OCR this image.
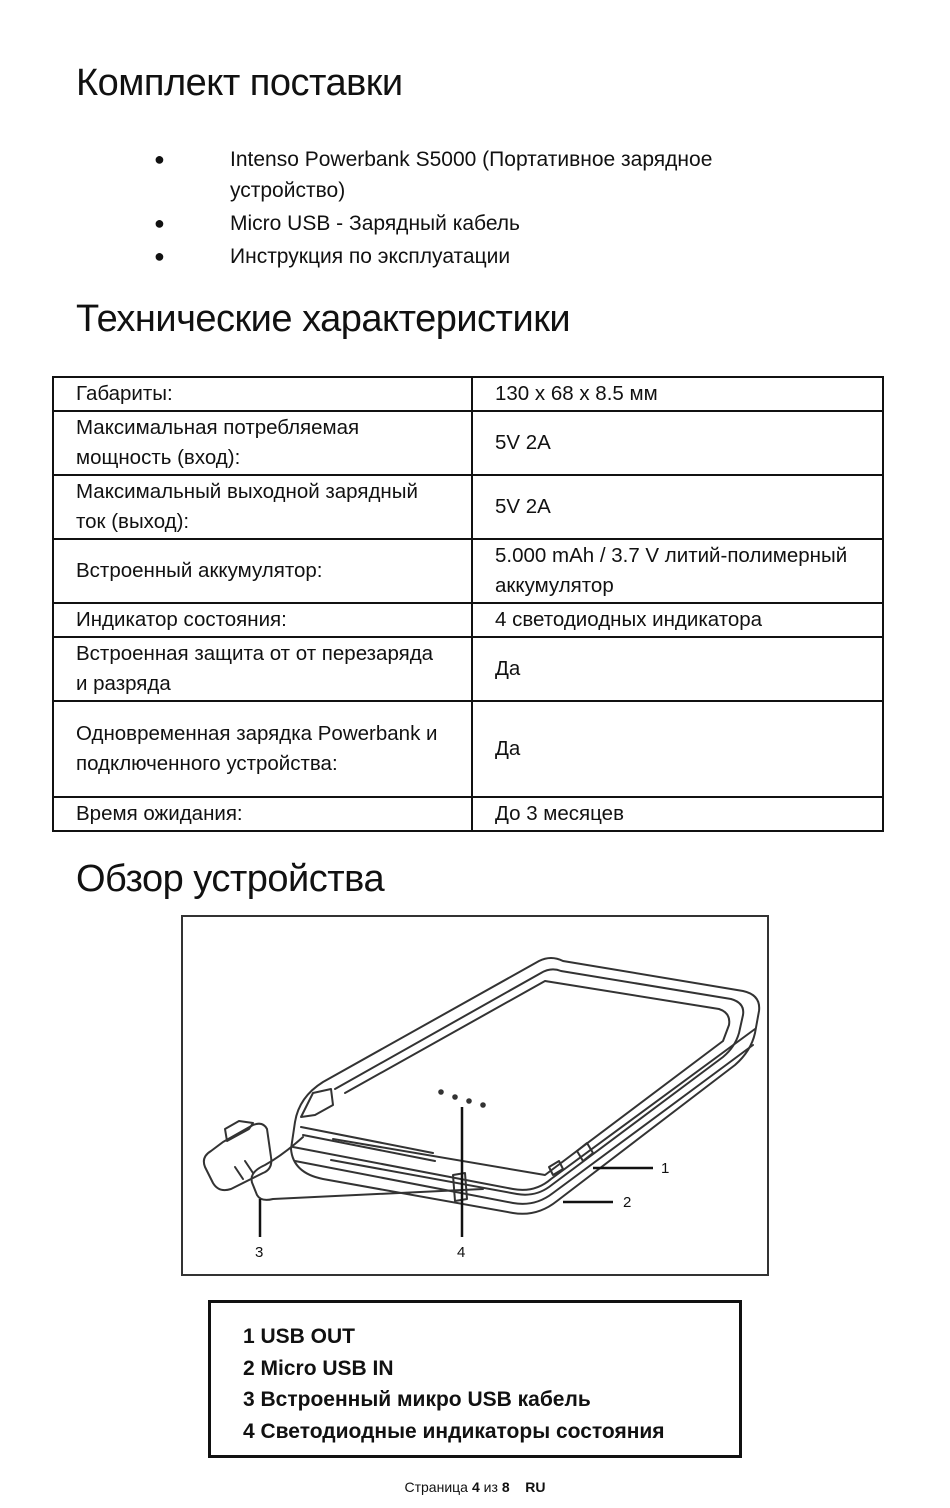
Комплект поставки
●	Intenso Powerbank S5000 (Портативное зарядное устройство)
●	Micro USB - Зарядный кабель
●	Инструкция по эксплуатации
Технические характеристики
Габариты:	130 x 68 x 8.5 мм
Максимальная потребляемая мощность (вход):	5V 2A
Максимальный выходной зарядный ток (выход):	5V 2A
Встроенный аккумулятор:	5.000 mAh / 3.7 V литий-полимерный аккумулятор
Индикатор состояния:	4 светодиодных индикатора
Встроенная защита от от перезаряда и разряда	Да
Одновременная зарядка Powerbank и подключенного устройства:	Да
Время ожидания:	До 3 месяцев
Обзор устройства
1
2
3	4
1 USB OUT
2 Micro USB IN
3 Встроенный микро USB кабель
4 Светодиодные индикаторы состояния
Страница 4 из 8 RU
